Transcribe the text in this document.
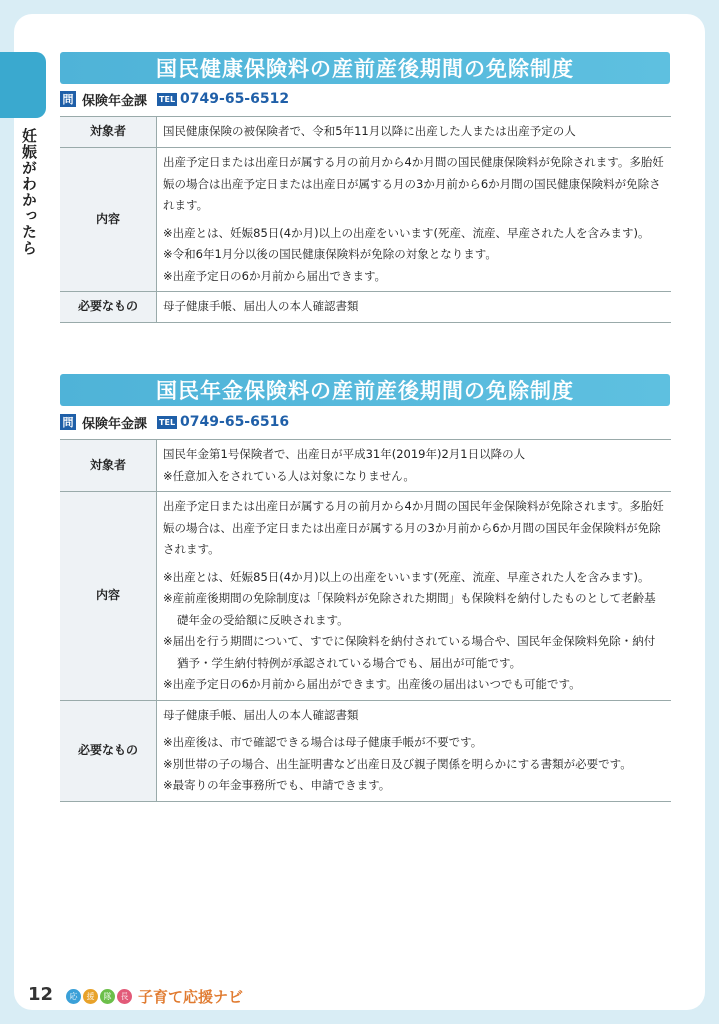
妊娠がわかったら
国民健康保険料の産前産後期間の免除制度
問 保険年金課 TEL 0749-65-6512
対象者	国民健康保険の被保険者で、令和5年11月以降に出産した人または出産予定の人
内容	出産予定日または出産日が属する月の前月から4か月間の国民健康保険料が免除されます。多胎妊娠の場合は出産予定日または出産日が属する月の3か月前から6か月間の国民健康保険料が免除されます。
※出産とは、妊娠85日(4か月)以上の出産をいいます(死産、流産、早産された人を含みます)。
※令和6年1月分以後の国民健康保険料が免除の対象となります。
※出産予定日の6か月前から届出できます。

必要なもの	母子健康手帳、届出人の本人確認書類
国民年金保険料の産前産後期間の免除制度
問 保険年金課 TEL 0749-65-6516
対象者	国民年金第1号保険者で、出産日が平成31年(2019年)2月1日以降の人
※任意加入をされている人は対象になりません。

内容	出産予定日または出産日が属する月の前月から4か月間の国民年金保険料が免除されます。多胎妊娠の場合は、出産予定日または出産日が属する月の3か月前から6か月間の国民年金保険料が免除されます。
※出産とは、妊娠85日(4か月)以上の出産をいいます(死産、流産、早産された人を含みます)。
※産前産後期間の免除制度は「保険料が免除された期間」も保険料を納付したものとして老齢基礎年金の受給額に反映されます。
※届出を行う期間について、すでに保険料を納付されている場合や、国民年金保険料免除・納付猶予・学生納付特例が承認されている場合でも、届出が可能です。
※出産予定日の6か月前から届出ができます。出産後の届出はいつでも可能です。

必要なもの	母子健康手帳、届出人の本人確認書類
※出産後は、市で確認できる場合は母子健康手帳が不要です。
※別世帯の子の場合、出生証明書など出産日及び親子関係を明らかにする書類が必要です。
※最寄りの年金事務所でも、申請できます。
12	応	援	隊	長 子育て応援ナビ
